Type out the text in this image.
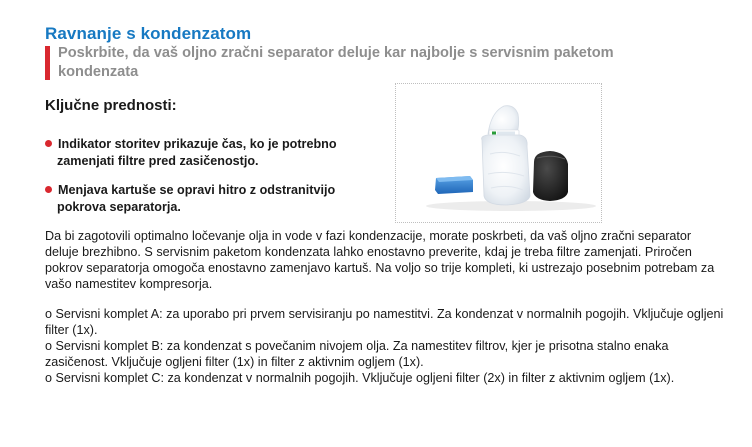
Ravnanje s kondenzatom
Poskrbite, da vaš oljno zračni separator deluje kar najbolje s servisnim paketom kondenzata
Ključne prednosti:
Indikator storitev prikazuje čas, ko je potrebno
zamenjati filtre pred zasičenostjo.
Menjava kartuše se opravi hitro z odstranitvijo
pokrova separatorja.
Da bi zagotovili optimalno ločevanje olja in vode v fazi kondenzacije, morate poskrbeti, da vaš oljno zračni separator deluje brezhibno. S servisnim paketom kondenzata lahko enostavno preverite, kdaj je treba filtre zamenjati. Priročen pokrov separatorja omogoča enostavno zamenjavo kartuš. Na voljo so trije kompleti, ki ustrezajo posebnim potrebam za vašo namestitev kompresorja.
o Servisni komplet A: za uporabo pri prvem servisiranju po namestitvi. Za kondenzat v normalnih pogojih. Vključuje ogljeni filter (1x).
o Servisni komplet B: za kondenzat s povečanim nivojem olja. Za namestitev filtrov, kjer je prisotna stalno enaka zasičenost. Vključuje ogljeni filter (1x) in filter z aktivnim ogljem (1x).
o Servisni komplet C: za kondenzat v normalnih pogojih. Vključuje ogljeni filter (2x) in filter z aktivnim ogljem (1x).
